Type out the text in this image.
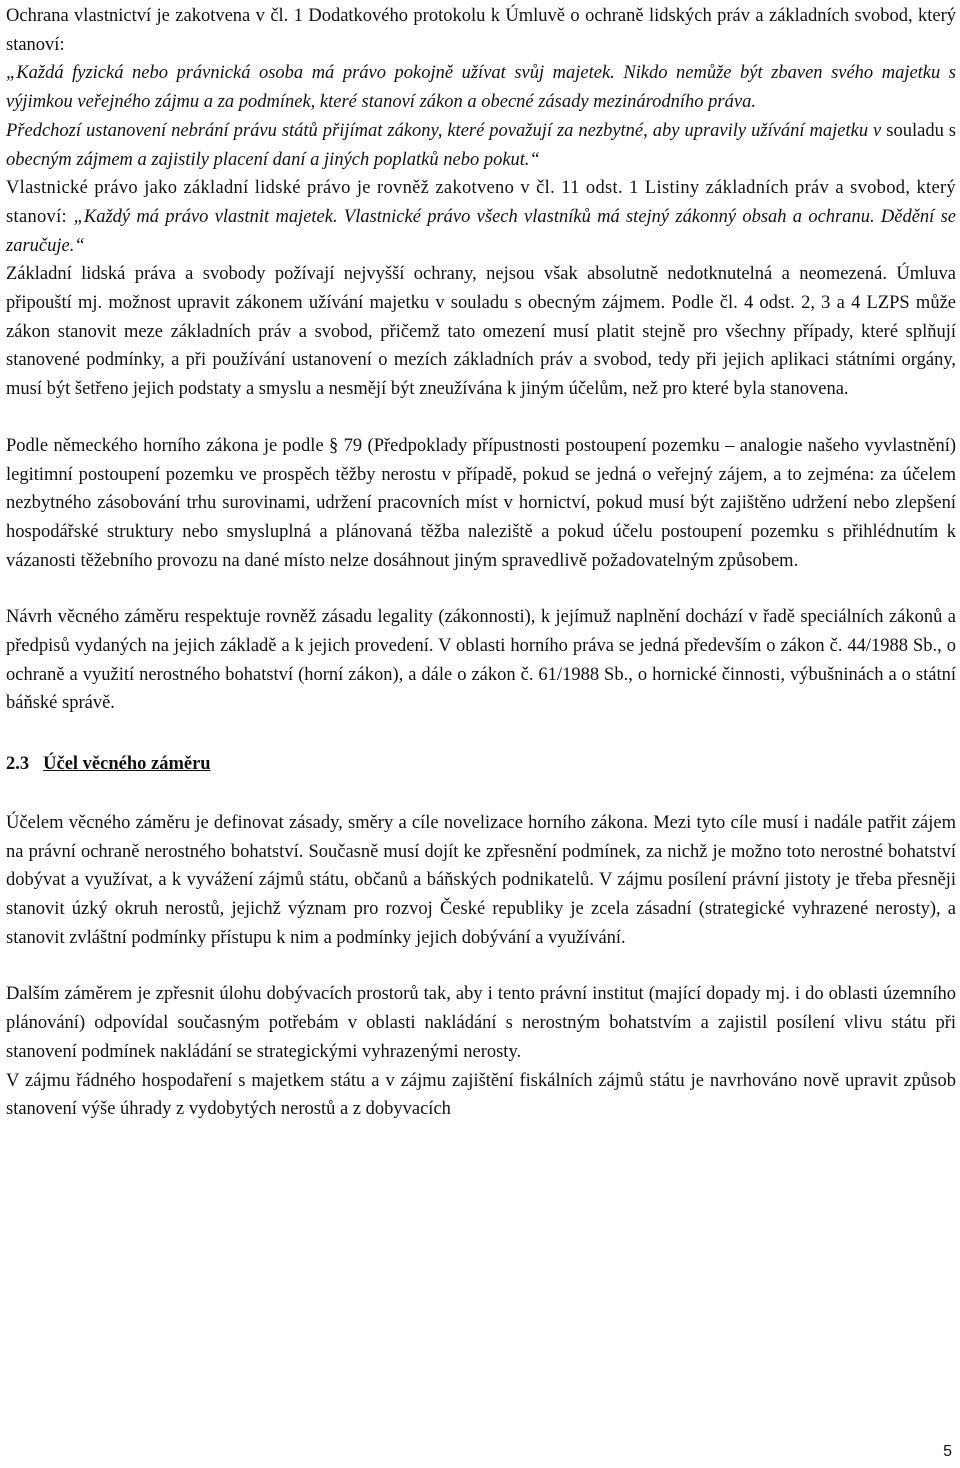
Ochrana vlastnictví je zakotvena v čl. 1 Dodatkového protokolu k Úmluvě o ochraně lidských práv a základních svobod, který stanoví:
„Každá fyzická nebo právnická osoba má právo pokojně užívat svůj majetek. Nikdo nemůže být zbaven svého majetku s výjimkou veřejného zájmu a za podmínek, které stanoví zákon a obecné zásady mezinárodního práva.
Předchozí ustanovení nebrání právu států přijímat zákony, které považují za nezbytné, aby upravily užívání majetku v souladu s obecným zájmem a zajistily placení daní a jiných poplatků nebo pokut.“
Vlastnické právo jako základní lidské právo je rovněž zakotveno v čl. 11 odst. 1 Listiny základních práv a svobod, který stanoví: „Každý má právo vlastnit majetek. Vlastnické právo všech vlastníků má stejný zákonný obsah a ochranu. Dědění se zaručuje.“
Základní lidská práva a svobody požívají nejvyšší ochrany, nejsou však absolutně nedotknutelná a neomezená. Úmluva připouští mj. možnost upravit zákonem užívání majetku v souladu s obecným zájmem. Podle čl. 4 odst. 2, 3 a 4 LZPS může zákon stanovit meze základních práv a svobod, přičemž tato omezení musí platit stejně pro všechny případy, které splňují stanovené podmínky, a při používání ustanovení o mezích základních práv a svobod, tedy při jejich aplikaci státními orgány, musí být šetřeno jejich podstaty a smyslu a nesmějí být zneužívána k jiným účelům, než pro které byla stanovena.

Podle německého horního zákona je podle § 79 (Předpoklady přípustnosti postoupení pozemku – analogie našeho vyvlastnění) legitimní postoupení pozemku ve prospěch těžby nerostu v případě, pokud se jedná o veřejný zájem, a to zejména: za účelem nezbytného zásobování trhu surovinami, udržení pracovních míst v hornictví, pokud musí být zajištěno udržení nebo zlepšení hospodářské struktury nebo smysluplná a plánovaná těžba naleziště a pokud účelu postoupení pozemku s přihlédnutím k vázanosti těžebního provozu na dané místo nelze dosáhnout jiným spravedlivě požadovatelným způsobem.

Návrh věcného záměru respektuje rovněž zásadu legality (zákonnosti), k jejímuž naplnění dochází v řadě speciálních zákonů a předpisů vydaných na jejich základě a k jejich provedení. V oblasti horního práva se jedná především o zákon č. 44/1988 Sb., o ochraně a využití nerostného bohatství (horní zákon), a dále o zákon č. 61/1988 Sb., o hornické činnosti, výbušninách a o státní báňské správě.

2.3 Účel věcného záměru

Účelem věcného záměru je definovat zásady, směry a cíle novelizace horního zákona. Mezi tyto cíle musí i nadále patřit zájem na právní ochraně nerostného bohatství. Současně musí dojít ke zpřesnění podmínek, za nichž je možno toto nerostné bohatství dobývat a využívat, a k vyvážení zájmů státu, občanů a báňských podnikatelů. V zájmu posílení právní jistoty je třeba přesněji stanovit úzký okruh nerostů, jejichž význam pro rozvoj České republiky je zcela zásadní (strategické vyhrazené nerosty), a stanovit zvláštní podmínky přístupu k nim a podmínky jejich dobývání a využívání.

Dalším záměrem je zpřesnit úlohu dobývacích prostorů tak, aby i tento právní institut (mající dopady mj. i do oblasti územního plánování) odpovídal současným potřebám v oblasti nakládání s nerostným bohatstvím a zajistil posílení vlivu státu při stanovení podmínek nakládání se strategickými vyhrazenými nerosty.

V zájmu řádného hospodaření s majetkem státu a v zájmu zajištění fiskálních zájmů státu je navrhováno nově upravit způsob stanovení výše úhrady z vydobytých nerostů a z dobyvacích

5
